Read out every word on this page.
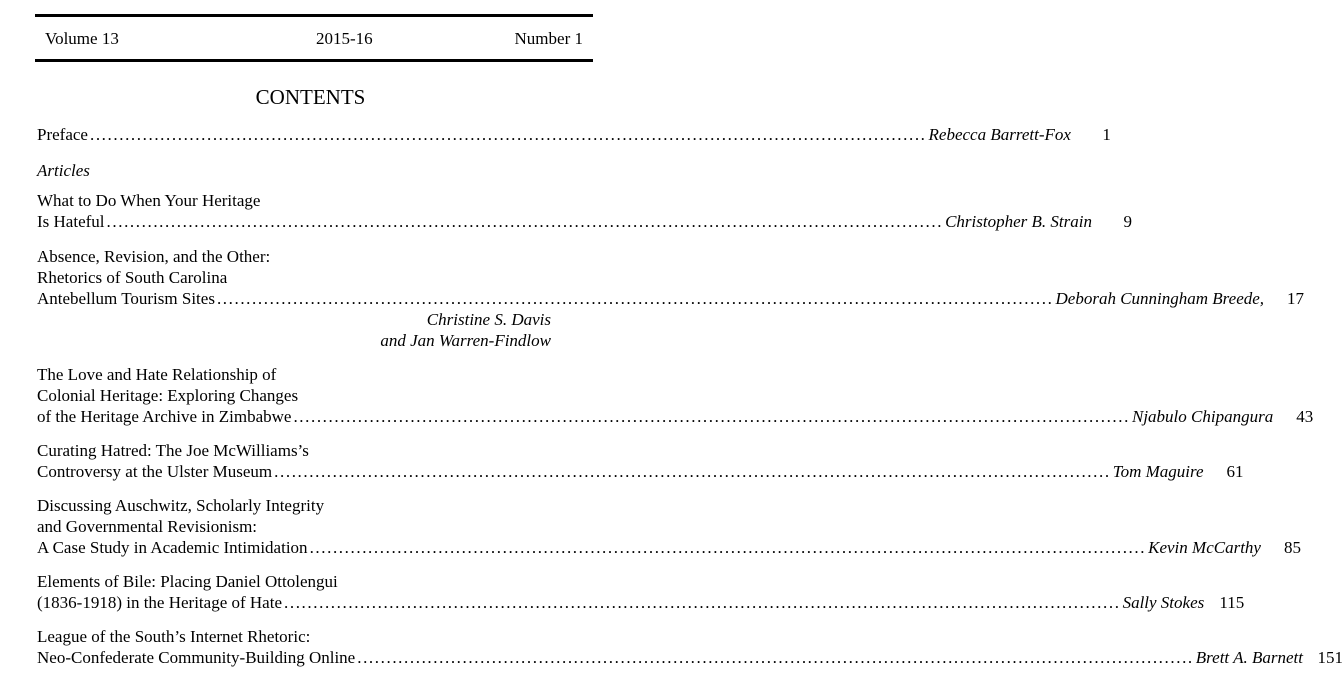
Volume 13	2015-16	Number 1
CONTENTS
Preface ............................................................................................................................................... Rebecca Barrett-Fox	1
Articles
What to Do When Your Heritage
Is Hateful ............................................................................................................................................... Christopher B. Strain	9
Absence, Revision, and the Other:
Rhetorics of South Carolina
Antebellum Tourism Sites ............................................................................................................................................... Deborah Cunningham Breede,	17
Christine S. Davis
and Jan Warren-Findlow
The Love and Hate Relationship of
Colonial Heritage: Exploring Changes
of the Heritage Archive in Zimbabwe ............................................................................................................................................... Njabulo Chipangura	43
Curating Hatred: The Joe McWilliams’s
Controversy at the Ulster Museum ............................................................................................................................................... Tom Maguire	61
Discussing Auschwitz, Scholarly Integrity
and Governmental Revisionism:
A Case Study in Academic Intimidation ............................................................................................................................................... Kevin McCarthy	85
Elements of Bile: Placing Daniel Ottolengui
(1836-1918) in the Heritage of Hate ............................................................................................................................................... Sally Stokes 115
League of the South’s Internet Rhetoric:
Neo-Confederate Community-Building Online ............................................................................................................................................... Brett A. Barnett 151
